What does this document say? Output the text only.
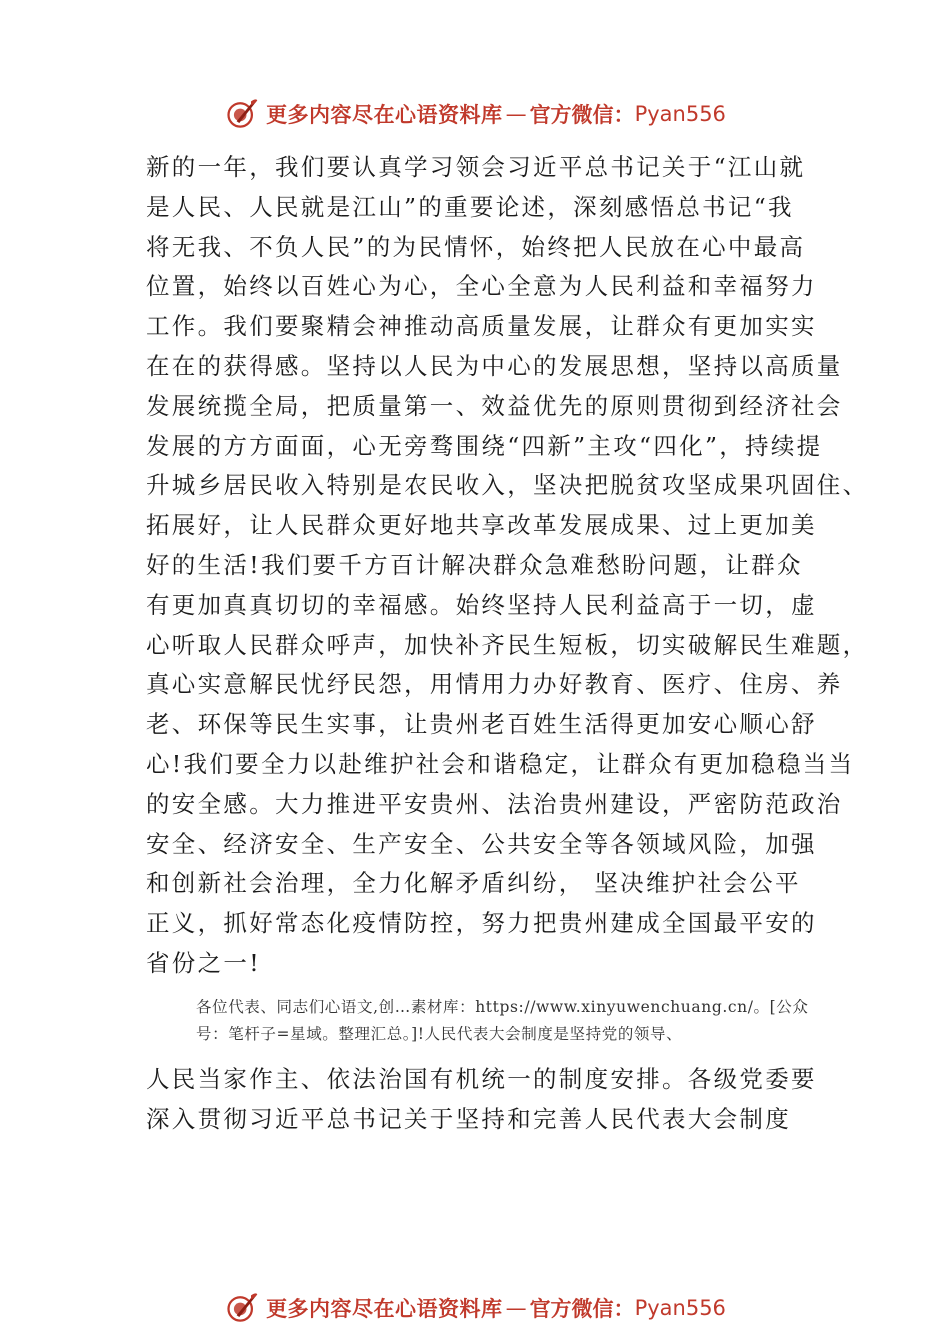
更多内容尽在心语资料库 — 官方微信： Pyan556
新的一年，我们要认真学习领会习近平总书记关于“江山就
是人民、人民就是江山”的重要论述，深刻感悟总书记“我
将无我、不负人民”的为民情怀，始终把人民放在心中最高
位置，始终以百姓心为心，全心全意为人民利益和幸福努力
工作。我们要聚精会神推动高质量发展，让群众有更加实实
在在的获得感。坚持以人民为中心的发展思想，坚持以高质量
发展统揽全局，把质量第一、效益优先的原则贯彻到经济社会
发展的方方面面，心无旁骛围绕“四新”主攻“四化”，持续提
升城乡居民收入特别是农民收入，坚决把脱贫攻坚成果巩固住、
拓展好，让人民群众更好地共享改革发展成果、过上更加美
好的生活!我们要千方百计解决群众急难愁盼问题，让群众
有更加真真切切的幸福感。始终坚持人民利益高于一切，虚
心听取人民群众呼声，加快补齐民生短板，切实破解民生难题，
真心实意解民忧纾民怨，用情用力办好教育、医疗、住房、养
老、环保等民生实事，让贵州老百姓生活得更加安心顺心舒
心!我们要全力以赴维护社会和谐稳定，让群众有更加稳稳当当
的安全感。大力推进平安贵州、法治贵州建设，严密防范政治
安全、经济安全、生产安全、公共安全等各领域风险，加强
和创新社会治理，全力化解矛盾纠纷， 坚决维护社会公平
正义，抓好常态化疫情防控，努力把贵州建成全国最平安的
省份之一!
各位代表、同志们心语文,创…素材库：https://www.xinyuwenchuang.cn/。[公众
号：笔杆子=星域。整理汇总。]!人民代表大会制度是坚持党的领导、
人民当家作主、依法治国有机统一的制度安排。各级党委要
深入贯彻习近平总书记关于坚持和完善人民代表大会制度
更多内容尽在心语资料库 — 官方微信： Pyan556
